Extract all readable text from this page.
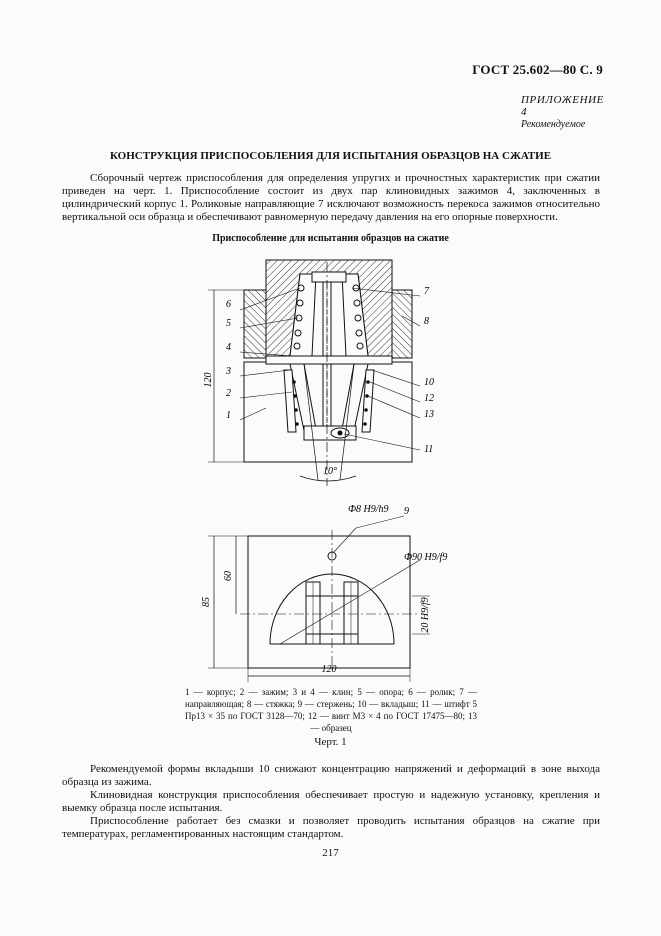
ГОСТ 25.602—80 С. 9
ПРИЛОЖЕНИЕ 4
Рекомендуемое
КОНСТРУКЦИЯ ПРИСПОСОБЛЕНИЯ ДЛЯ ИСПЫТАНИЯ ОБРАЗЦОВ НА СЖАТИЕ

Сборочный чертеж приспособления для определения упругих и прочностных характеристик при сжатии приведен на черт. 1. Приспособление состоит из двух пар клиновидных зажимов 4, заключенных в цилиндрический корпус 1. Роликовые направляющие 7 исключают возможность перекоса зажимов относительно вертикальной оси образца и обеспечивают равномерную передачу давления на его опорные поверхности.

Приспособление для испытания образцов на сжатие
6
5
4
3
2
1
7
8
10
12
13
11
120
10°
9
Ф8 H9/h9
Ф90 H9/f9
20 H9/f9
85
60
120

1 — корпус; 2 — зажим; 3 и 4 — клин; 5 — опора; 6 — ролик; 7 — направляющая; 8 — стяжка; 9 — стержень; 10 — вкладыш; 11 — штифт 5 Пр13 × 35 по ГОСТ 3128—70; 12 — винт М3 × 4 по ГОСТ 17475—80; 13 — образец

Черт. 1

Рекомендуемой формы вкладыши 10 снижают концентрацию напряжений и деформаций в зоне выхода образца из зажима.

Клиновидная конструкция приспособления обеспечивает простую и надежную установку, крепления и выемку образца после испытания.

Приспособление работает без смазки и позволяет проводить испытания образцов на сжатие при температурах, регламентированных настоящим стандартом.

217
